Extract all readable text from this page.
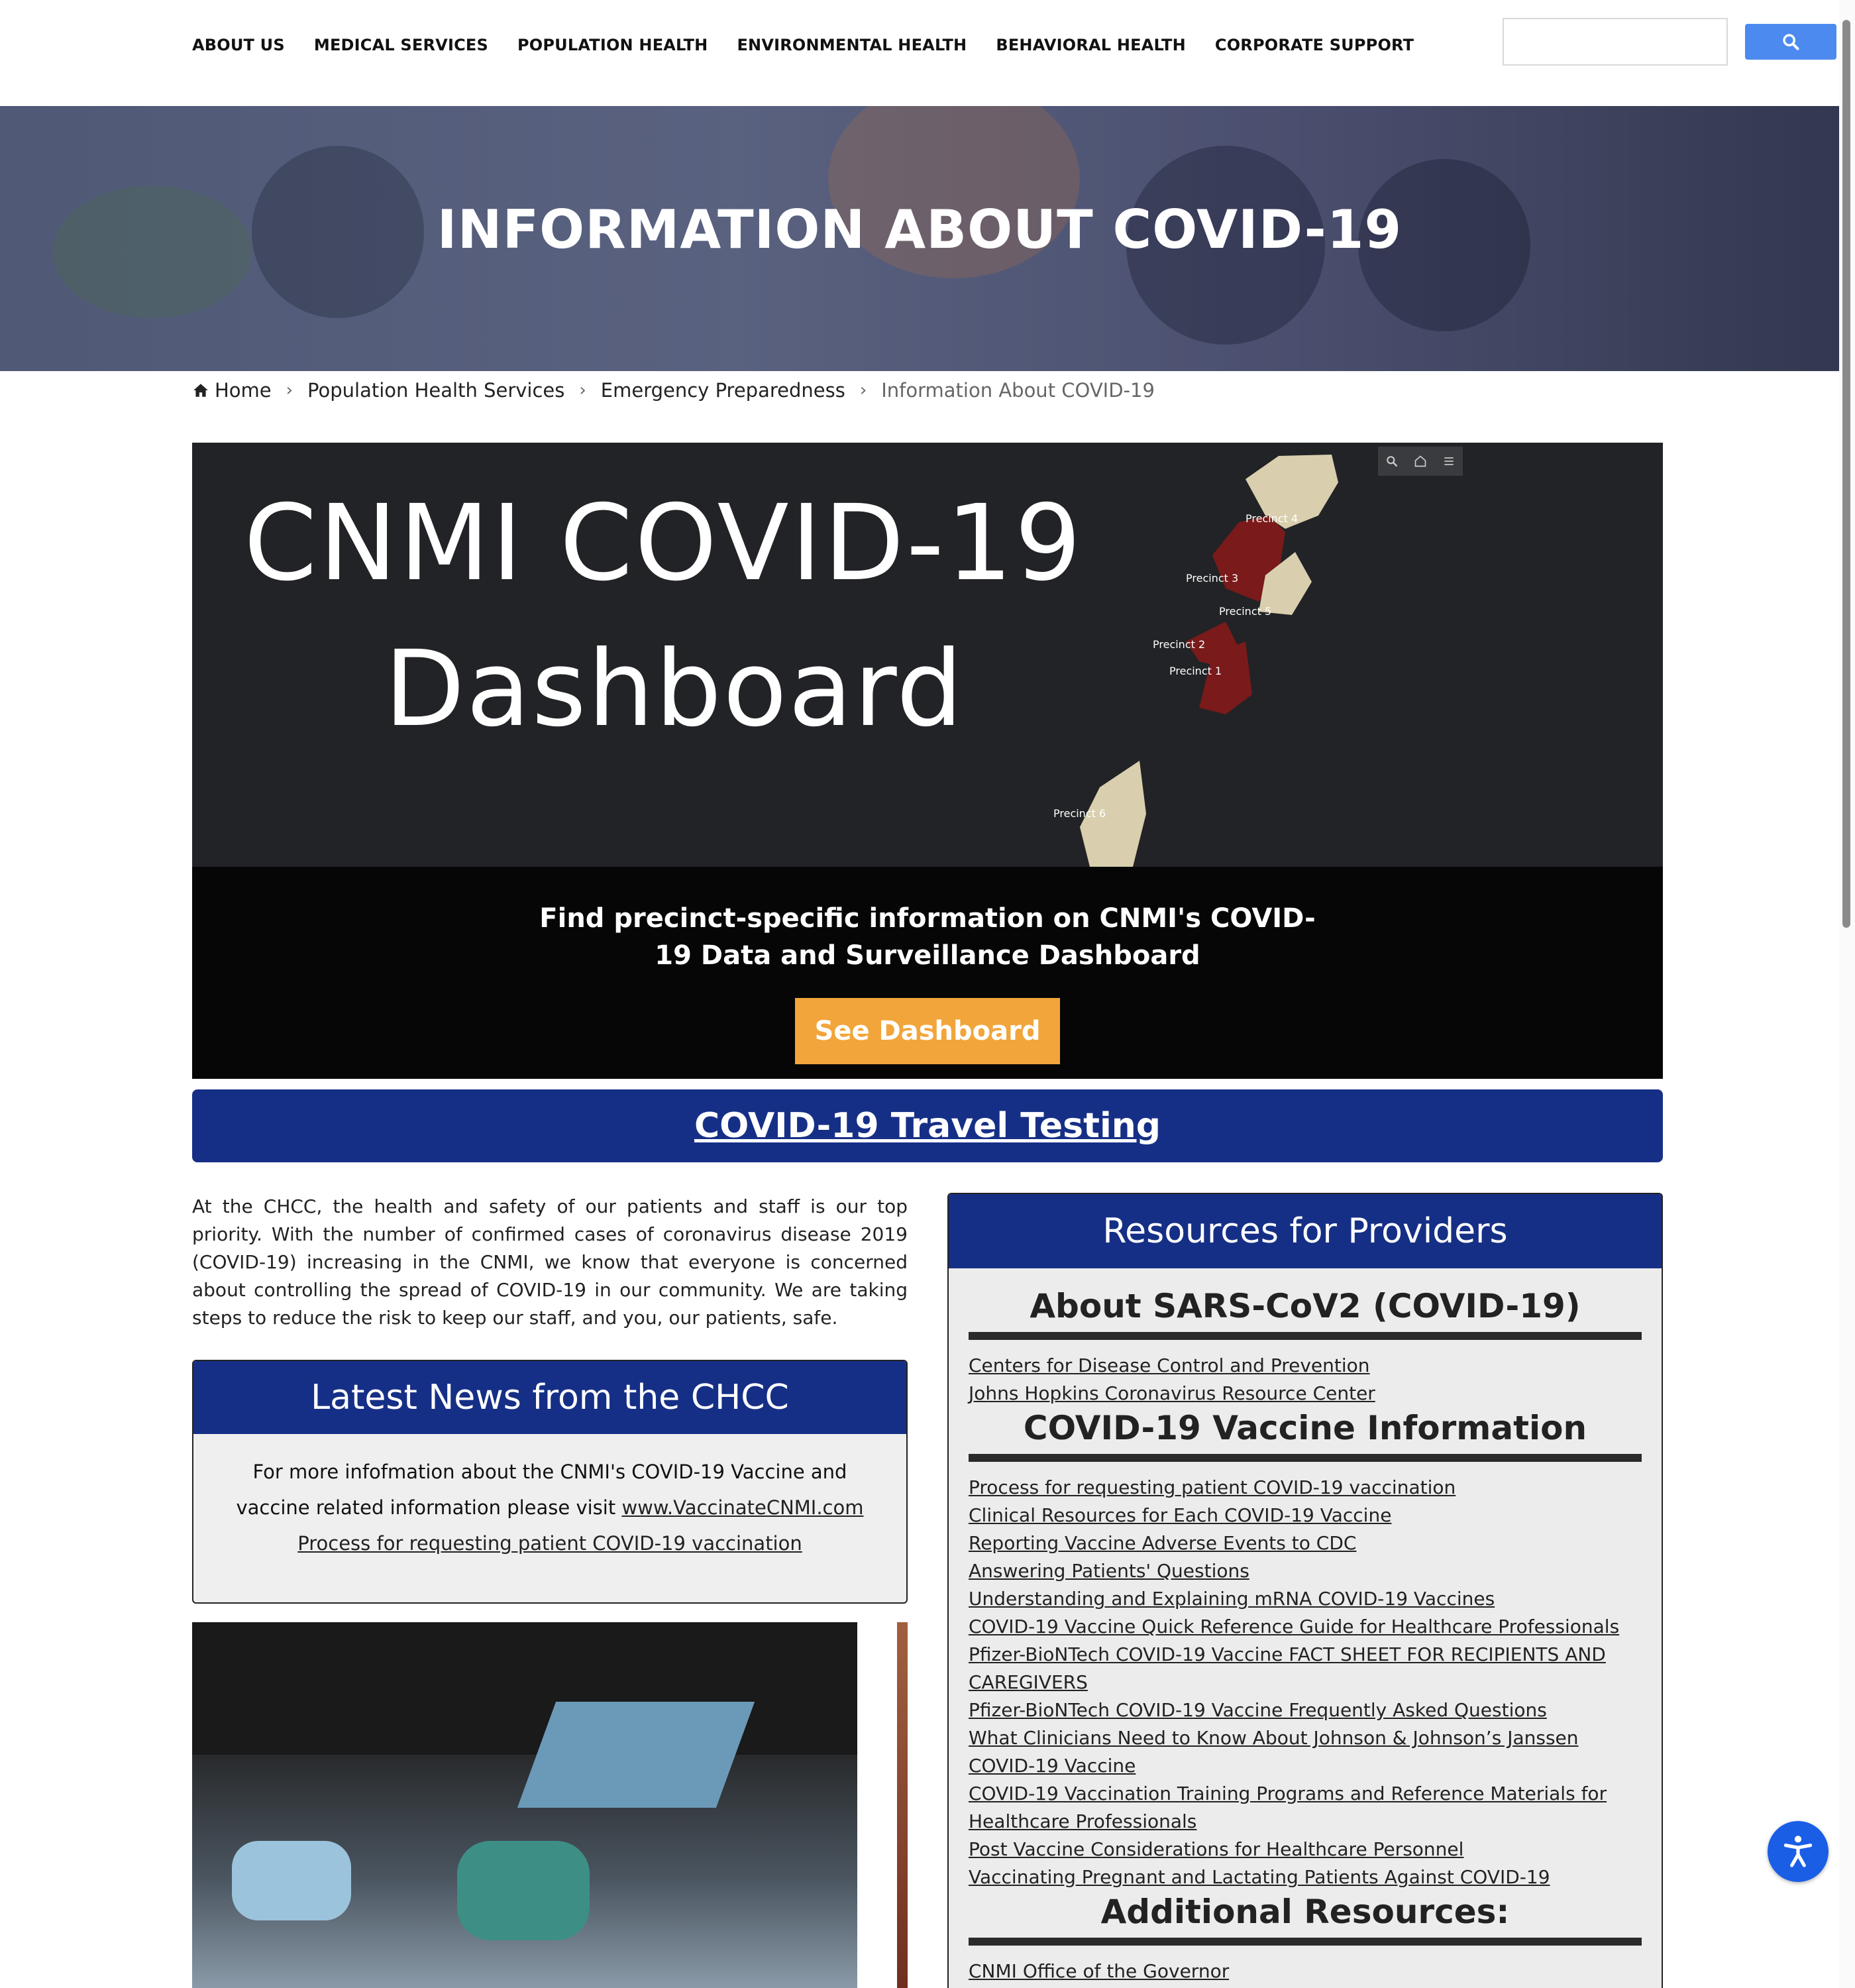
ABOUT US MEDICAL SERVICES POPULATION HEALTH ENVIRONMENTAL HEALTH BEHAVIORAL HEALTH CORPORATE SUPPORT
INFORMATION ABOUT COVID-19
Home › Population Health Services › Emergency Preparedness › Information About COVID-19
Precinct 4
Precinct 3
Precinct 5
Precinct 2
Precinct 1
Precinct 6
CNMI COVID-19
Dashboard
Find precinct-specific information on CNMI's COVID-
19 Data and Surveillance Dashboard
See Dashboard
COVID-19 Travel Testing

At the CHCC, the health and safety of our patients and staff is our top priority. With the number of confirmed cases of coronavirus disease 2019 (COVID-19) increasing in the CNMI, we know that everyone is concerned about controlling the spread of COVID-19 in our community. We are taking steps to reduce the risk to keep our staff, and you, our patients, safe.

Latest News from the CHCC
For more infofmation about the CNMI's COVID-19 Vaccine and vaccine related information please visit www.VaccinateCNMI.com
Process for requesting patient COVID-19 vaccination
Resources for Providers
About SARS-CoV2 (COVID-19)
Centers for Disease Control and Prevention
Johns Hopkins Coronavirus Resource Center
COVID-19 Vaccine Information
Process for requesting patient COVID-19 vaccination
Clinical Resources for Each COVID-19 Vaccine
Reporting Vaccine Adverse Events to CDC
Answering Patients' Questions
Understanding and Explaining mRNA COVID-19 Vaccines
COVID-19 Vaccine Quick Reference Guide for Healthcare Professionals
Pfizer-BioNTech COVID-19 Vaccine FACT SHEET FOR RECIPIENTS AND CAREGIVERS
Pfizer-BioNTech COVID-19 Vaccine Frequently Asked Questions
What Clinicians Need to Know About Johnson & Johnson’s Janssen COVID-19 Vaccine
COVID-19 Vaccination Training Programs and Reference Materials for Healthcare Professionals
Post Vaccine Considerations for Healthcare Personnel
Vaccinating Pregnant and Lactating Patients Against COVID-19
Additional Resources:
CNMI Office of the Governor
